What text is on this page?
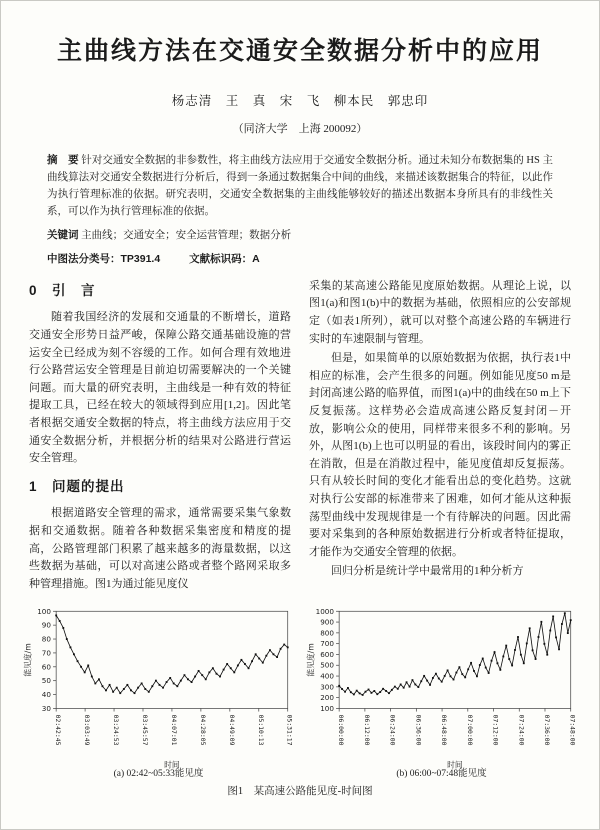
主曲线方法在交通安全数据分析中的应用
杨志清　王　真　宋　飞　柳本民　郭忠印
（同济大学　上海 200092）
摘　要 针对交通安全数据的非参数性，将主曲线方法应用于交通安全数据分析。通过未知分布数据集的 HS 主曲线算法对交通安全数据进行分析后，得到一条通过数据集合中间的曲线，来描述该数据集合的特征，以此作为执行管理标准的依据。研究表明，交通安全数据集的主曲线能够较好的描述出数据本身所具有的非线性关系，可以作为执行管理标准的依据。
关键词 主曲线；交通安全；安全运营管理；数据分析
中图法分类号：TP391.4	文献标识码：A
0　引　言

随着我国经济的发展和交通量的不断增长，道路交通安全形势日益严峻，保障公路交通基础设施的营运安全已经成为刻不容缓的工作。如何合理有效地进行公路营运安全管理是目前迫切需要解决的一个关键问题。而大量的研究表明，主曲线是一种有效的特征提取工具，已经在较大的领域得到应用[1,2]。因此笔者根据交通安全数据的特点，将主曲线方法应用于交通安全数据分析，并根据分析的结果对公路进行营运安全管理。

1　问题的提出

根据道路安全管理的需求，通常需要采集气象数据和交通数据。随着各种数据采集密度和精度的提高，公路管理部门积累了越来越多的海量数据，以这些数据为基础，可以对高速公路或者整个路网采取多种管理措施。图1为通过能见度仪

采集的某高速公路能见度原始数据。从理论上说，以图1(a)和图1(b)中的数据为基础，依照相应的公安部规定（如表1所列），就可以对整个高速公路的车辆进行实时的车速限制与管理。

但是，如果简单的以原始数据为依据，执行表1中相应的标准，会产生很多的问题。例如能见度50 m是封闭高速公路的临界值，而图1(a)中的曲线在50 m上下反复振荡。这样势必会造成高速公路反复封闭－开放，影响公众的使用，同样带来很多不利的影响。另外，从图1(b)上也可以明显的看出，该段时间内的雾正在消散，但是在消散过程中，能见度值却反复振荡。只有从较长时间的变化才能看出总的变化趋势。这就对执行公安部的标准带来了困难，如何才能从这种振荡型曲线中发现规律是一个有待解决的问题。因此需要对采集到的各种原始数据进行分析或者特征提取，才能作为交通安全管理的依据。

回归分析是统计学中最常用的1种分析方

30
40
50
60
70
80
90
100
02:42:45	03:03:49	03:24:53	03:45:57	04:07:01	04:28:05	04:49:09	05:10:13	05:31:17
能见度/m
时间
(a) 02:42~05:33能见度
100
200
300
400
500
600
700
800
900
1000
06:00:00	06:12:00	06:24:00	06:36:00	06:48:00	07:00:00	07:12:00	07:24:00	07:36:00	07:48:00
能见度/m
时间
(b) 06:00~07:48能见度
图1　某高速公路能见度-时间图
